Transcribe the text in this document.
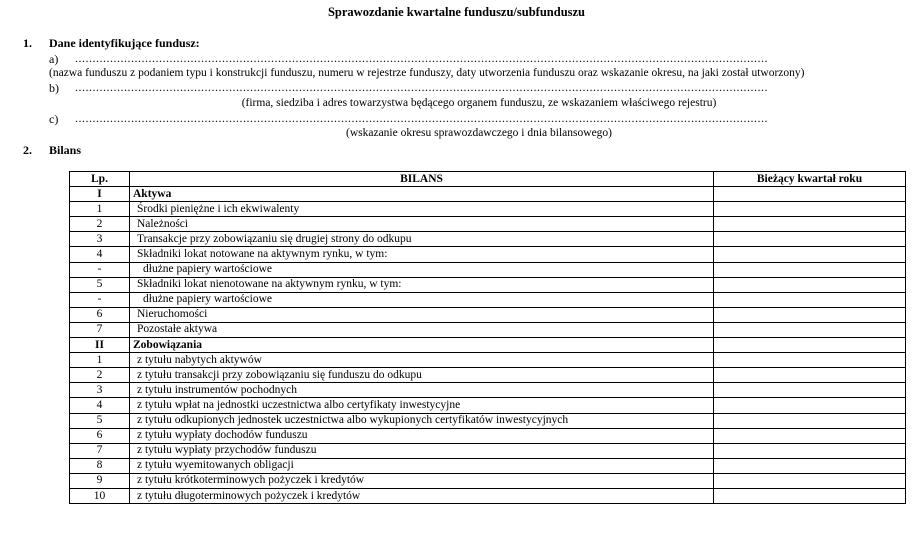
Sprawozdanie kwartalne funduszu/subfunduszu
1. Dane identyfikujące fundusz:
a) ......................................................................................................................................................................................................
(nazwa funduszu z podaniem typu i konstrukcji funduszu, numeru w rejestrze funduszy, daty utworzenia funduszu oraz wskazanie okresu, na jaki został utworzony)
b) ......................................................................................................................................................................................................
(firma, siedziba i adres towarzystwa będącego organem funduszu, ze wskazaniem właściwego rejestru)
c) ......................................................................................................................................................................................................
(wskazanie okresu sprawozdawczego i dnia bilansowego)
2. Bilans
Lp.	BILANS	Bieżący kwartał roku
I	Aktywa	
1	Środki pieniężne i ich ekwiwalenty	
2	Należności	
3	Transakcje przy zobowiązaniu się drugiej strony do odkupu	
4	Składniki lokat notowane na aktywnym rynku, w tym:	
-	dłużne papiery wartościowe	
5	Składniki lokat nienotowane na aktywnym rynku, w tym:	
-	dłużne papiery wartościowe	
6	Nieruchomości	
7	Pozostałe aktywa	
II	Zobowiązania	
1	z tytułu nabytych aktywów	
2	z tytułu transakcji przy zobowiązaniu się funduszu do odkupu	
3	z tytułu instrumentów pochodnych	
4	z tytułu wpłat na jednostki uczestnictwa albo certyfikaty inwestycyjne	
5	z tytułu odkupionych jednostek uczestnictwa albo wykupionych certyfikatów inwestycyjnych	
6	z tytułu wypłaty dochodów funduszu	
7	z tytułu wypłaty przychodów funduszu	
8	z tytułu wyemitowanych obligacji	
9	z tytułu krótkoterminowych pożyczek i kredytów	
10	z tytułu długoterminowych pożyczek i kredytów	
